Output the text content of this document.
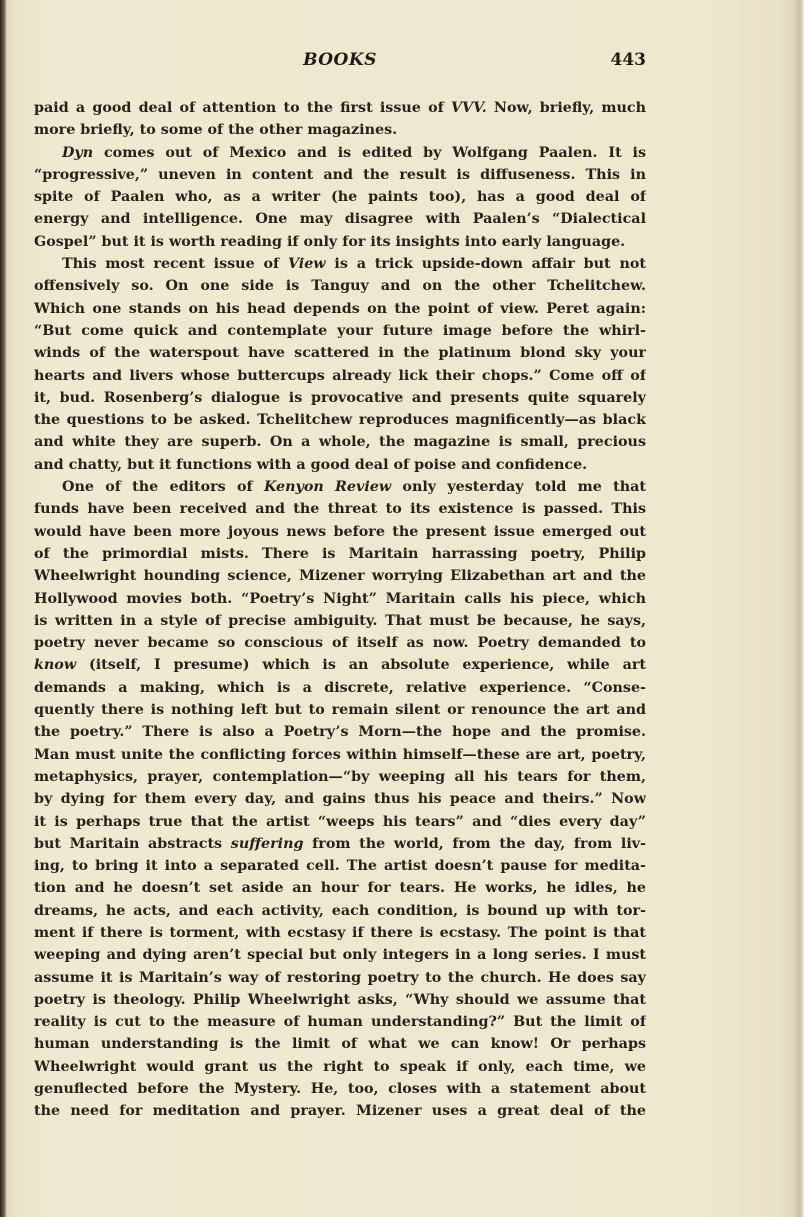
BOOKS	443
paid a good deal of attention to the first issue of VVV. Now, briefly, much
more briefly, to some of the other magazines.
Dyn comes out of Mexico and is edited by Wolfgang Paalen. It is
“progressive,” uneven in content and the result is diffuseness. This in
spite of Paalen who, as a writer (he paints too), has a good deal of
energy and intelligence. One may disagree with Paalen’s “Dialectical
Gospel” but it is worth reading if only for its insights into early language.
This most recent issue of View is a trick upside-down affair but not
offensively so. On one side is Tanguy and on the other Tchelitchew.
Which one stands on his head depends on the point of view. Peret again:
“But come quick and contemplate your future image before the whirl-
winds of the waterspout have scattered in the platinum blond sky your
hearts and livers whose buttercups already lick their chops.” Come off of
it, bud. Rosenberg’s dialogue is provocative and presents quite squarely
the questions to be asked. Tchelitchew reproduces magnificently—as black
and white they are superb. On a whole, the magazine is small, precious
and chatty, but it functions with a good deal of poise and confidence.
One of the editors of Kenyon Review only yesterday told me that
funds have been received and the threat to its existence is passed. This
would have been more joyous news before the present issue emerged out
of the primordial mists. There is Maritain harrassing poetry, Philip
Wheelwright hounding science, Mizener worrying Elizabethan art and the
Hollywood movies both. “Poetry’s Night” Maritain calls his piece, which
is written in a style of precise ambiguity. That must be because, he says,
poetry never became so conscious of itself as now. Poetry demanded to
know (itself, I presume) which is an absolute experience, while art
demands a making, which is a discrete, relative experience. “Conse-
quently there is nothing left but to remain silent or renounce the art and
the poetry.” There is also a Poetry’s Morn—the hope and the promise.
Man must unite the conflicting forces within himself—these are art, poetry,
metaphysics, prayer, contemplation—“by weeping all his tears for them,
by dying for them every day, and gains thus his peace and theirs.” Now
it is perhaps true that the artist “weeps his tears” and “dies every day”
but Maritain abstracts suffering from the world, from the day, from liv-
ing, to bring it into a separated cell. The artist doesn’t pause for medita-
tion and he doesn’t set aside an hour for tears. He works, he idles, he
dreams, he acts, and each activity, each condition, is bound up with tor-
ment if there is torment, with ecstasy if there is ecstasy. The point is that
weeping and dying aren’t special but only integers in a long series. I must
assume it is Maritain’s way of restoring poetry to the church. He does say
poetry is theology. Philip Wheelwright asks, “Why should we assume that
reality is cut to the measure of human understanding?” But the limit of
human understanding is the limit of what we can know! Or perhaps
Wheelwright would grant us the right to speak if only, each time, we
genuflected before the Mystery. He, too, closes with a statement about
the need for meditation and prayer. Mizener uses a great deal of the
